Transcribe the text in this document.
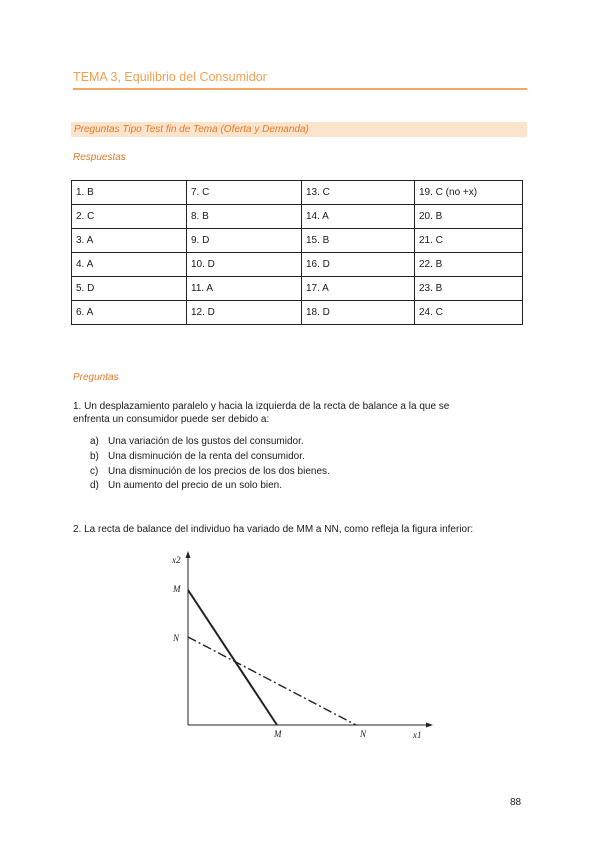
TEMA 3, Equilibrio del Consumidor
Preguntas Tipo Test fin de Tema (Oferta y Demanda)
Respuestas
1. B	7. C	13. C	19. C (no +x)
2. C	8. B	14. A	20. B
3. A	9. D	15. B	21. C
4. A	10. D	16. D	22. B
5. D	11. A	17. A	23. B
6. A	12. D	18. D	24. C
Preguntas
1. Un desplazamiento paralelo y hacia la izquierda de la recta de balance a la que se
enfrenta un consumidor puede ser debido a:
a) Una variación de los gustos del consumidor.
b) Una disminución de la renta del consumidor.
c) Una disminución de los precios de los dos bienes.
d) Un aumento del precio de un solo bien.
2. La recta de balance del individuo ha variado de MM a NN, como refleja la figura inferior:
x2
M
N
M	N	x1
88
